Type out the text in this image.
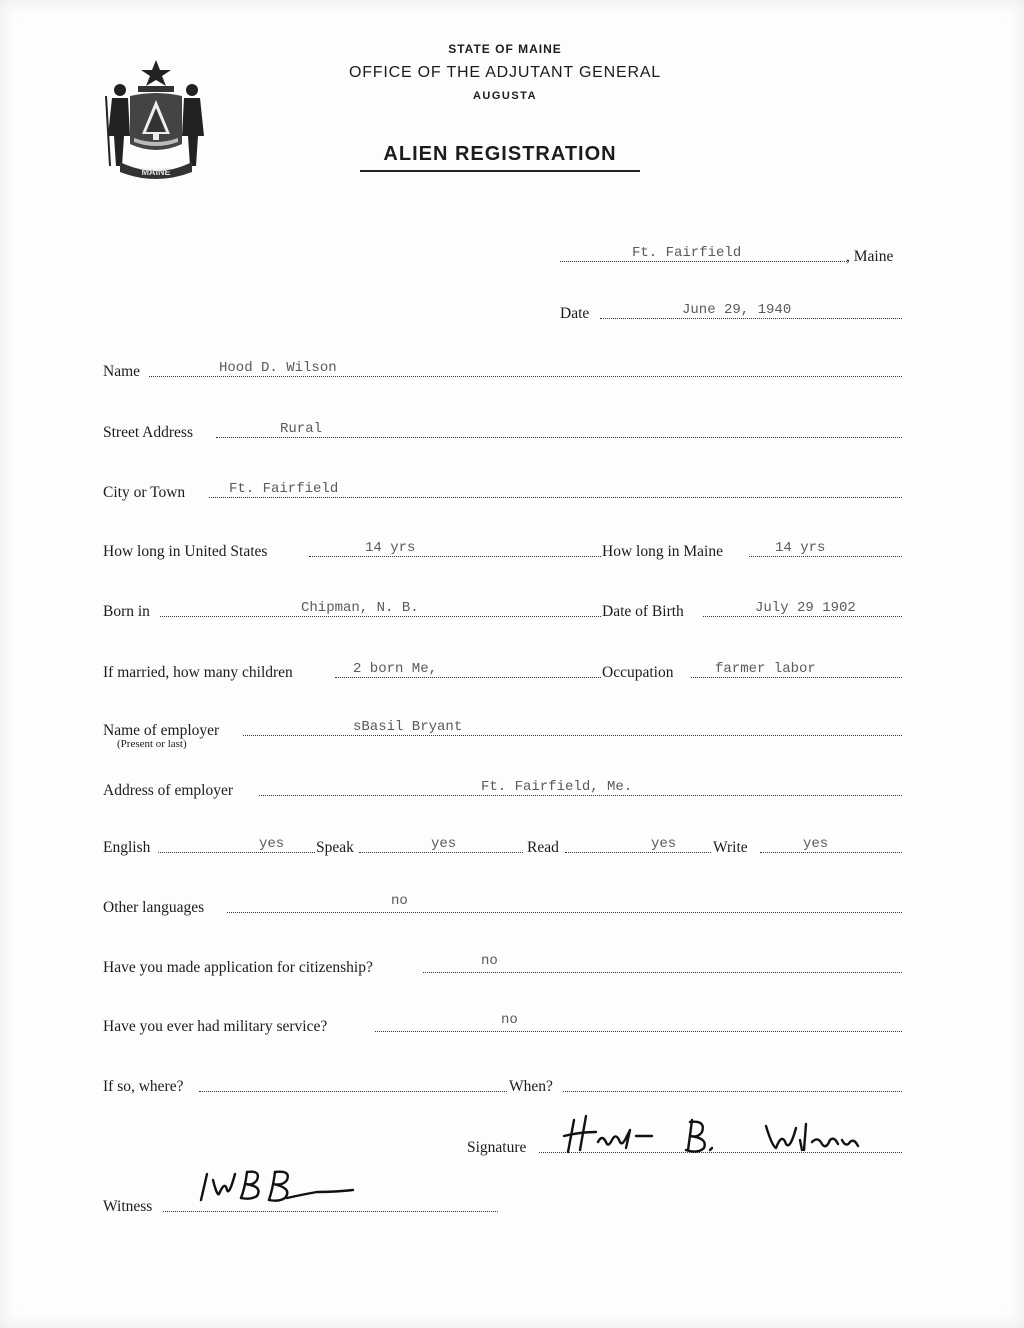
MAINE
STATE OF MAINE
OFFICE OF THE ADJUTANT GENERAL
AUGUSTA
ALIEN REGISTRATION
Ft. Fairfield	, Maine
Date	June 29, 1940
Name	Hood D. Wilson
Street Address	Rural
City or Town	Ft. Fairfield
How long in United States	14 yrs	How long in Maine	14 yrs
Born in	Chipman, N. B.	Date of Birth	July 29 1902
If married, how many children	2 born Me,	Occupation	farmer labor
Name of employer	sBasil Bryant
(Present or last)
Address of employer	Ft. Fairfield, Me.
English	yes Speak	yes	Read	yes Write	yes
Other languages	no
Have you made application for citizenship?	no
Have you ever had military service?	no
If so, where?	When?
Signature
Witness
